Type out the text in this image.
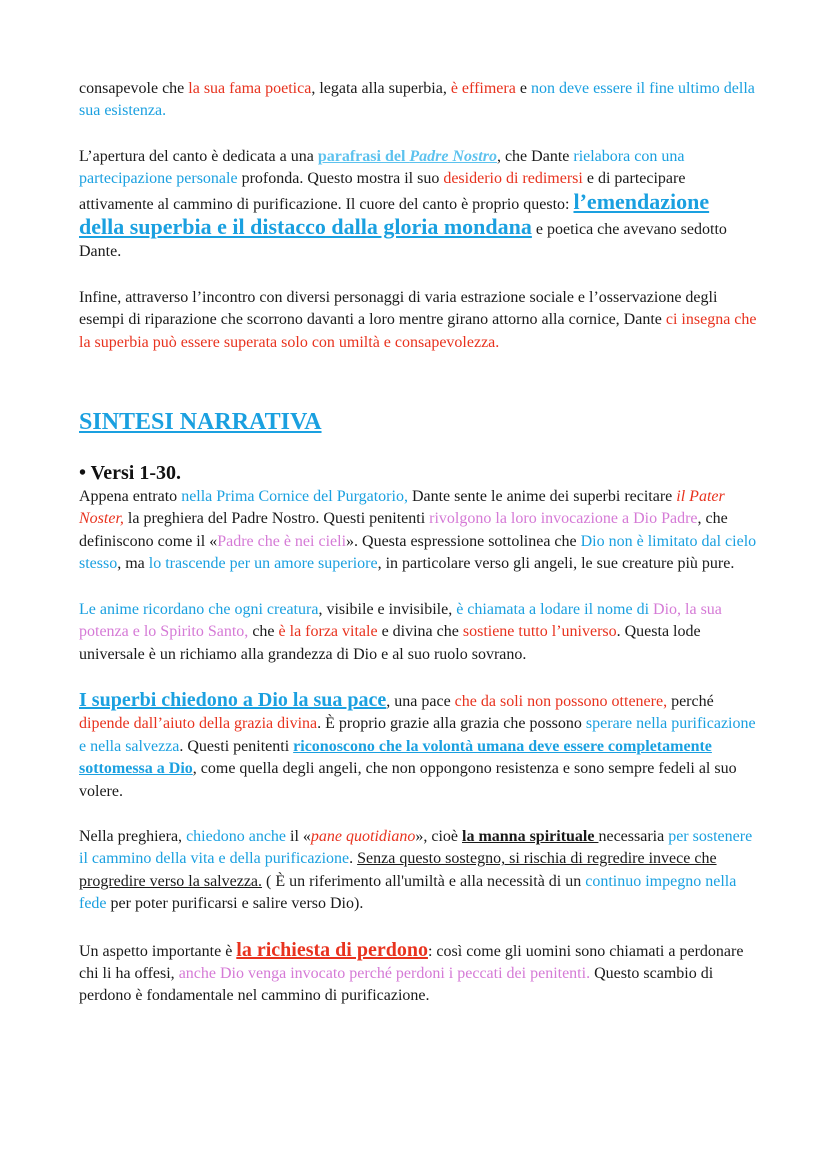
consapevole che la sua fama poetica, legata alla superbia, è effimera e non deve essere il fine ultimo della sua esistenza.

L’apertura del canto è dedicata a una parafrasi del Padre Nostro, che Dante rielabora con una partecipazione personale profonda. Questo mostra il suo desiderio di redimersi e di partecipare attivamente al cammino di purificazione. Il cuore del canto è proprio questo: l’emendazione della superbia e il distacco dalla gloria mondana e poetica che avevano sedotto Dante.

Infine, attraverso l’incontro con diversi personaggi di varia estrazione sociale e l’osservazione degli esempi di riparazione che scorrono davanti a loro mentre girano attorno alla cornice, Dante ci insegna che la superbia può essere superata solo con umiltà e consapevolezza.

SINTESI NARRATIVA
• Versi 1-30.

Appena entrato nella Prima Cornice del Purgatorio, Dante sente le anime dei superbi recitare il Pater Noster, la preghiera del Padre Nostro. Questi penitenti rivolgono la loro invocazione a Dio Padre, che definiscono come il «Padre che è nei cieli». Questa espressione sottolinea che Dio non è limitato dal cielo stesso, ma lo trascende per un amore superiore, in particolare verso gli angeli, le sue creature più pure.

Le anime ricordano che ogni creatura, visibile e invisibile, è chiamata a lodare il nome di Dio, la sua potenza e lo Spirito Santo, che è la forza vitale e divina che sostiene tutto l’universo. Questa lode universale è un richiamo alla grandezza di Dio e al suo ruolo sovrano.

I superbi chiedono a Dio la sua pace, una pace che da soli non possono ottenere, perché dipende dall’aiuto della grazia divina. È proprio grazie alla grazia che possono sperare nella purificazione e nella salvezza. Questi penitenti riconoscono che la volontà umana deve essere completamente sottomessa a Dio, come quella degli angeli, che non oppongono resistenza e sono sempre fedeli al suo volere.

Nella preghiera, chiedono anche il «pane quotidiano», cioè la manna spirituale necessaria per sostenere il cammino della vita e della purificazione. Senza questo sostegno, si rischia di regredire invece che progredire verso la salvezza. ( È un riferimento all'umiltà e alla necessità di un continuo impegno nella fede per poter purificarsi e salire verso Dio).

Un aspetto importante è la richiesta di perdono: così come gli uomini sono chiamati a perdonare chi li ha offesi, anche Dio venga invocato perché perdoni i peccati dei penitenti. Questo scambio di perdono è fondamentale nel cammino di purificazione.
